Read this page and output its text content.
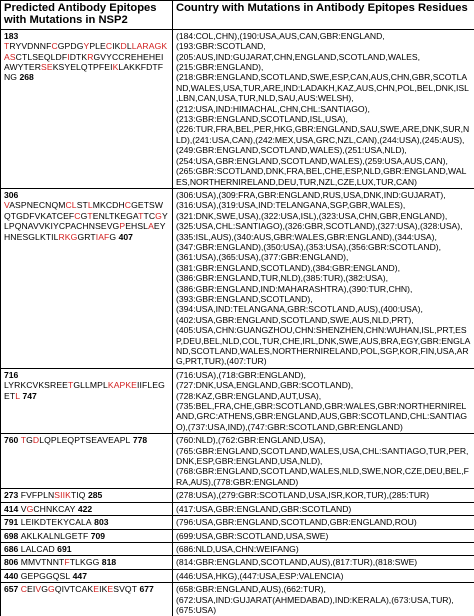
Predicted Antibody Epitopes with Mutations in NSP2	Country with Mutations in Antibody Epitopes Residues
183
TRYVDNNFCGPDGYPLECIKDLLARAGKASCTLSEQLDFIDTKRGVYCCREHEHEIAWYTERSEKSYELQTPFEIKLAKKFDTFNG 268	(184:COL,CHN),(190:USA,AUS,CAN,GBR:ENGLAND,(193:GBR:SCOTLAND,(205:AUS,IND:GUJARAT,CHN,ENGLAND,SCOTLAND,WALES,(215:GBR:ENGLAND),(218:GBR:ENGLAND,SCOTLAND,SWE,ESP,CAN,AUS,CHN,GBR,SCOTLAND,WALES,USA,TUR,ARE,IND:LADAKH,KAZ,AUS,CHN,POL,BEL,DNK,ISL,LBN,CAN,USA,TUR,NLD,SAU,AUS:WELSH),(212:USA,IND:HIMACHAL,CHN,CHL:SANTIAGO),(213:GBR:ENGLAND,SCOTLAND,ISL,USA),(226:TUR,FRA,BEL,PER,HKG,GBR:ENGLAND,SAU,SWE,ARE,DNK,SUR,NLD),(241:USA,CAN),(242:MEX,USA,GRC,NZL,CAN),(244:USA),(245:AUS),(249:GBR:ENGLAND,SCOTLAND,WALES),(251:USA,NLD),(254:USA,GBR:ENGLAND,SCOTLAND,WALES),(259:USA,AUS,CAN),(265:GBR:SCOTLAND,DNK,FRA,BEL,CHE,ESP,NLD,GBR:ENGLAND,WALES,NORTHERNIRELAND,DEU,TUR,NZL,CZE,LUX,TUR,CAN)
306
VASPNECNQMCLSTLMKCDHCGETSWQTGDFVKATCEFCGTENLTKEGATTCGYLPQNAVVKIYCPACHNSEVGPEHSLAEYHNESGLKTILRKGGRTIAFG 407	(306:USA),(309:FRA,GBR:ENGLAND,RUS,USA,DNK,IND:GUJARAT),(316:USA),(319:USA,IND:TELANGANA,SGP,GBR,WALES),(321:DNK,SWE,USA),(322:USA,ISL),(323:USA,CHN,GBR,ENGLAND),(325:USA,CHL:SANTIAGO),(326:GBR,SCOTLAND),(327:USA),(328:USA),(335:ISL,AUS),(340:AUS,GBR:WALES,GBR:ENGLAND),(344:USA),(347:GBR:ENGLAND),(350:USA),(353:USA),(356:GBR:SCOTLAND),(361:USA),(365:USA),(377:GBR:ENGLAND),(381:GBR:ENGLAND,SCOTLAND),(384:GBR:ENGLAND),(386:GBR:ENGLAND,TUR,NLD),(385:TUR),(382:USA),(386:GBR:ENGLAND,IND:MAHARASHTRA),(390:TUR,CHN),(393:GBR:ENGLAND,SCOTLAND),(394:USA,IND:TELANGANA,GBR:SCOTLAND,AUS),(400:USA),(402:USA,GBR:ENGLAND,SCOTLAND,SWE,AUS,NLD,PRT),(405:USA,CHN:GUANGZHOU,CHN:SHENZHEN,CHN:WUHAN,ISL,PRT,ESP,DEU,BEL,NLD,COL,TUR,CHE,IRL,DNK,SWE,AUS,BRA,EGY,GBR:ENGLAND,SCOTLAND,WALES,NORTHERNIRELAND,POL,SGP,KOR,FIN,USA,ARG,PRT,TUR),(407:TUR)
716
LYRKCVKSREETGLLMPLKAPKEIIFLEGETL 747	(716:USA),(718:GBR:ENGLAND),(727:DNK,USA,ENGLAND,GBR:SCOTLAND),(728:KAZ,GBR:ENGLAND,AUT,USA),(735:BEL,FRA,CHE,GBR:SCOTLAND,GBR:WALES,GBR:NORTHERNIRELAND,GRC:ATHENS,GBR:ENGLAND,AUS,GBR:SCOTLAND,CHL:SANTIAGO),(737:USA,IND),(747:GBR:SCOTLAND,GBR:ENGLAND)
760 TGDLQPLEQPTSEAVEAPL 778	(760:NLD),(762:GBR:ENGLAND,USA),(765:GBR:ENGLAND,SCOTLAND,WALES,USA,CHL:SANTIAGO,TUR,PER,DNK,ESP,GBR:ENGLAND,USA,NLD),(768:GBR:ENGLAND,SCOTLAND,WALES,NLD,SWE,NOR,CZE,DEU,BEL,FRA,AUS),(778:GBR:ENGLAND)
273 FVFPLNSIIKTIQ 285	(278:USA),(279:GBR:SCOTLAND,USA,ISR,KOR,TUR),(285:TUR)
414 VGCHNKCAY 422	(417:USA,GBR:ENGLAND,GBR:SCOTLAND)
791 LEIKDTEKYCALA 803	(796:USA,GBR:ENGLAND,SCOTLAND,GBR:ENGLAND,ROU)
698 AKLKALNLGETF 709	(699:USA,GBR:SCOTLAND,USA,SWE)
686 LALCAD 691	(686:NLD,USA,CHN:WEIFANG)
806 MMVTNNTFTLKGG 818	(814:GBR:ENGLAND,SCOTLAND,AUS),(817:TUR),(818:SWE)
440 GEPGGQSL 447	(446:USA,HKG),(447:USA,ESP:VALENCIA)
657 CEIVGGQIVTCAKEIKESVQT 677	(658:GBR:ENGLAND,AUS),(662:TUR),(672:USA,IND:GUJARAT(AHMEDABAD),IND:KERALA),(673:USA,TUR),(675:USA)
